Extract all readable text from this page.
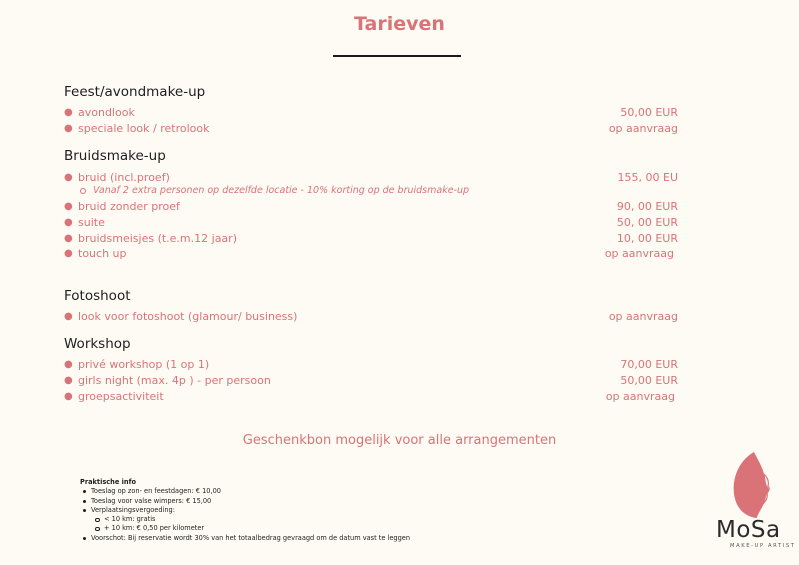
Tarieven
Feest/avondmake-up
● avondlook	50,00 EUR
● speciale look / retrolook	op aanvraag
Bruidsmake-up
● bruid (incl.proef)	155, 00 EU
Vanaf 2 extra personen op dezelfde locatie - 10% korting op de bruidsmake-up
● bruid zonder proef	90, 00 EUR
● suite	50, 00 EUR
● bruidsmeisjes (t.e.m.12 jaar)	10, 00 EUR
● touch up	op aanvraag
Fotoshoot
● look voor fotoshoot (glamour/ business)	op aanvraag
Workshop
● privé workshop (1 op 1)	70,00 EUR
● girls night (max. 4p ) - per persoon	50,00 EUR
● groepsactiviteit	op aanvraag
Geschenkbon mogelijk voor alle arrangementen
Praktische info
Toeslag op zon- en feestdagen: € 10,00
Toeslag voor valse wimpers: € 15,00
Verplaatsingsvergoeding:
< 10 km: gratis
+ 10 km: € 0,50 per kilometer
Voorschot: Bij reservatie wordt 30% van het totaalbedrag gevraagd om de datum vast te leggen	MoSa
MAKE-UP ARTIST
